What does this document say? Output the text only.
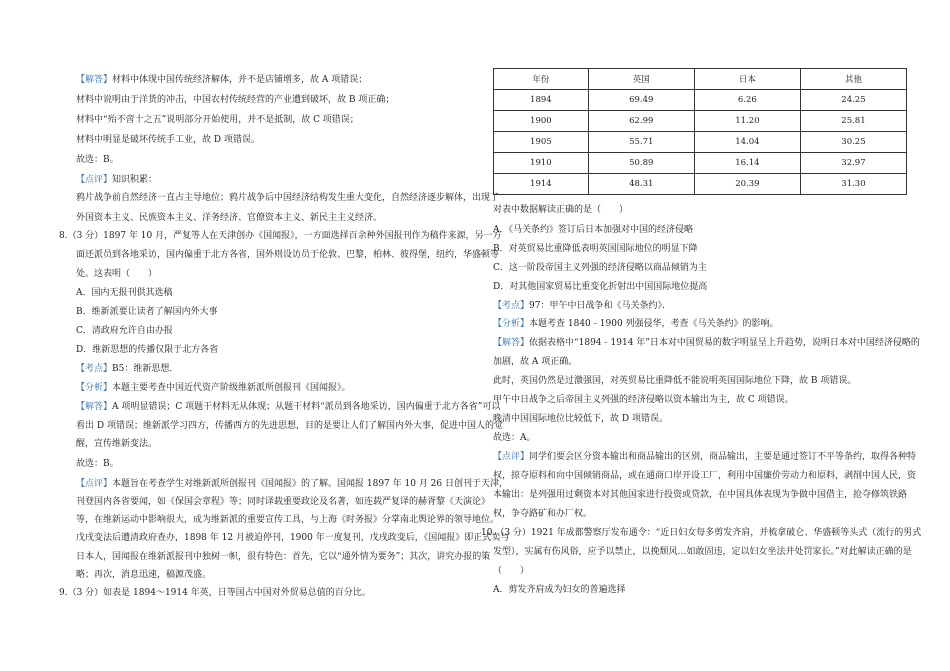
【解答】材料中体现中国传统经济解体，并不是店铺增多，故 A 项错误；
材料中说明由于洋货的冲击，中国农村传统经营的产业遭到破坏，故 B 项正确；
材料中“殆不啻十之五”说明部分开始使用，并不是抵制，故 C 项错误；
材料中明显是破坏传统手工业，故 D 项错误。
故选：B。
【点评】知识积累：
鸦片战争前自然经济一直占主导地位；鸦片战争后中国经济结构发生重大变化，自然经济逐步解体，出现了
外国资本主义、民族资本主义、洋务经济、官僚资本主义、新民主主义经济。
8.（3 分）1897 年 10 月，严复等人在天津创办《国闻报》，一方面选择百余种外国报刊作为稿件来源，另一方
面还派员到各地采访，国内偏重于北方各省，国外则设访员于伦敦、巴黎，柏林、彼得堡，纽约，华盛顿等
处。这表明（　　）
A．国内无报刊供其选稿
B．维新派要让读者了解国内外大事
C．清政府允许自由办报
D．维新思想的传播仅限于北方各省
【考点】B5：维新思想．
【分析】本题主要考查中国近代资产阶级维新派所创报刊《国闻报》。
【解答】A 项明显错误；C 项题干材料无从体现；从题干材料“派员到各地采访，国内偏重于北方各省”可以
看出 D 项错误；维新派学习四方，传播西方的先进思想，目的是要让人们了解国内外大事，促进中国人的觉
醒，宣传维新变法。
故选：B。
【点评】本题旨在考查学生对维新派所创报刊《国闻报》的了解。国闻报 1897 年 10 月 26 日创刊于天津，
刊登国内各省要闻，如《保国会章程》等；同时译载重要政论及名著，如连载严复译的赫胥黎《天演论》
等，在维新运动中影响很大，成为维新派的重要宣传工具，与上海《时务报》分掌南北舆论界的领导地位。
戊戌变法后遭清政府查办，1898 年 12 月被迫停刊，1900 年一度复刊，戊戌政变后，《国闻报》即正式卖与
日本人，国闻报在维新派报刊中独树一帜，很有特色：首先，它以“通外情为要务”；其次，讲究办报的策
略；再次，消息迅速，稿源茂盛。
9.（3 分）如表是 1894～1914 年英，日等国占中国对外贸易总值的百分比。
年份	英国	日本	其他
1894	69.49	6.26	24.25
1900	62.99	11.20	25.81
1905	55.71	14.04	30.25
1910	50.89	16.14	32.97
1914	48.31	20.39	31.30
对表中数据解读正确的是（　　）
A．《马关条约》签订后日本加强对中国的经济侵略
B．对英贸易比重降低表明英国国际地位的明显下降
C．这一阶段帝国主义列强的经济侵略以商品倾销为主
D．对其他国家贸易比重变化折射出中国国际地位提高
【考点】97：甲午中日战争和《马关条约》．
【分析】本题考查 1840﹣1900 列强侵华，考查《马关条约》的影响。
【解答】依据表格中“1894﹣1914 年”日本对中国贸易的数字明显呈上升趋势，说明日本对中国经济侵略的
加剧，故 A 项正确。
此时，英国仍然是过激强国，对英贸易比重降低不能说明英国国际地位下降，故 B 项错误。
甲午中日战争之后帝国主义列强的经济侵略以资本输出为主，故 C 项错误。
晚清中国国际地位比较低下，故 D 项错误。
故选：A。
【点评】同学们要会区分资本输出和商品输出的区别，商品输出，主要是通过签订不平等条约，取得各种特
权，掠夺原料和向中国倾销商品，或在通商口岸开设工厂，利用中国廉价劳动力和原料，剥削中国人民，资
本输出：是列强用过剩资本对其他国家进行投资或贷款，在中国具体表现为争做中国借主，抢夺修筑铁路
权，争夺路矿和办厂权。
10.（3 分）1921 年成都警察厅发布通令：“近日妇女每多剪发齐肩，并梳拿破仑、华盛顿等头式（流行的男式
发型），实属有伤风俗，应予以禁止，以挽颓风…如敢固违，定以妇女坐法并处罚家长。”对此解读正确的是
（　　）
A．剪发齐肩成为妇女的普遍选择
